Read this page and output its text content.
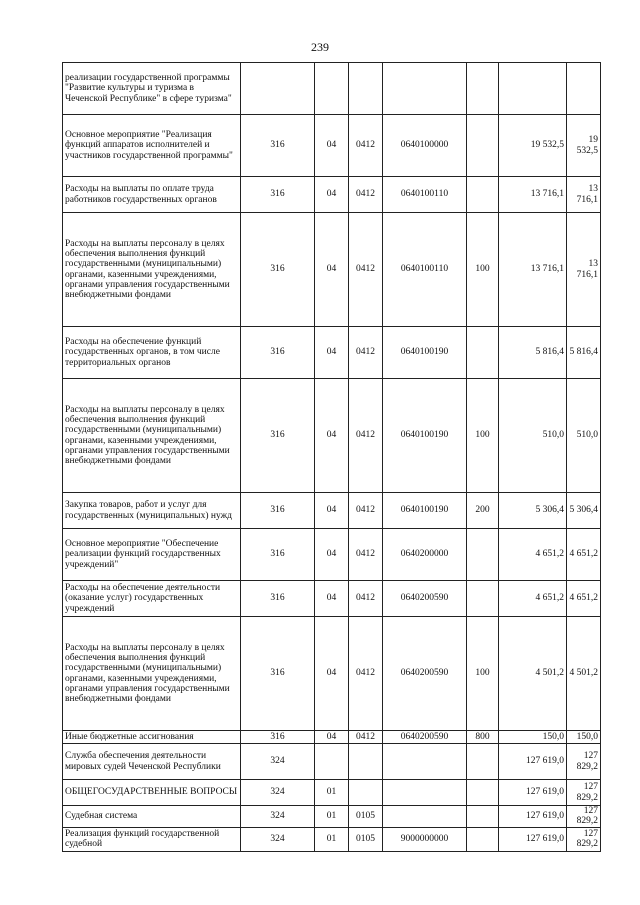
239
реализации государственной программы "Развитие культуры и туризма в Чеченской Республике" в сфере туризма"							
Основное мероприятие "Реализация функций аппаратов исполнителей и участников государственной программы"	316	04	0412	0640100000		19 532,5	19 532,5
Расходы на выплаты по оплате труда работников государственных органов	316	04	0412	0640100110		13 716,1	13 716,1
Расходы на выплаты персоналу в целях обеспечения выполнения функций государственными (муниципальными) органами, казенными учреждениями, органами управления государственными внебюджетными фондами	316	04	0412	0640100110	100	13 716,1	13 716,1
Расходы на обеспечение функций государственных органов, в том числе территориальных органов	316	04	0412	0640100190		5 816,4	5 816,4
Расходы на выплаты персоналу в целях обеспечения выполнения функций государственными (муниципальными) органами, казенными учреждениями, органами управления государственными внебюджетными фондами	316	04	0412	0640100190	100	510,0	510,0
Закупка товаров, работ и услуг для государственных (муниципальных) нужд	316	04	0412	0640100190	200	5 306,4	5 306,4
Основное мероприятие "Обеспечение реализации функций государственных учреждений"	316	04	0412	0640200000		4 651,2	4 651,2
Расходы на обеспечение деятельности (оказание услуг) государственных учреждений	316	04	0412	0640200590		4 651,2	4 651,2
Расходы на выплаты персоналу в целях обеспечения выполнения функций государственными (муниципальными) органами, казенными учреждениями, органами управления государственными внебюджетными фондами	316	04	0412	0640200590	100	4 501,2	4 501,2
Иные бюджетные ассигнования	316	04	0412	0640200590	800	150,0	150,0
Служба обеспечения деятельности мировых судей Чеченской Республики	324					127 619,0	127 829,2
ОБЩЕГОСУДАРСТВЕННЫЕ ВОПРОСЫ	324	01				127 619,0	127 829,2
Судебная система	324	01	0105			127 619,0	127 829,2
Реализация функций государственной судебной	324	01	0105	9000000000		127 619,0	127 829,2
